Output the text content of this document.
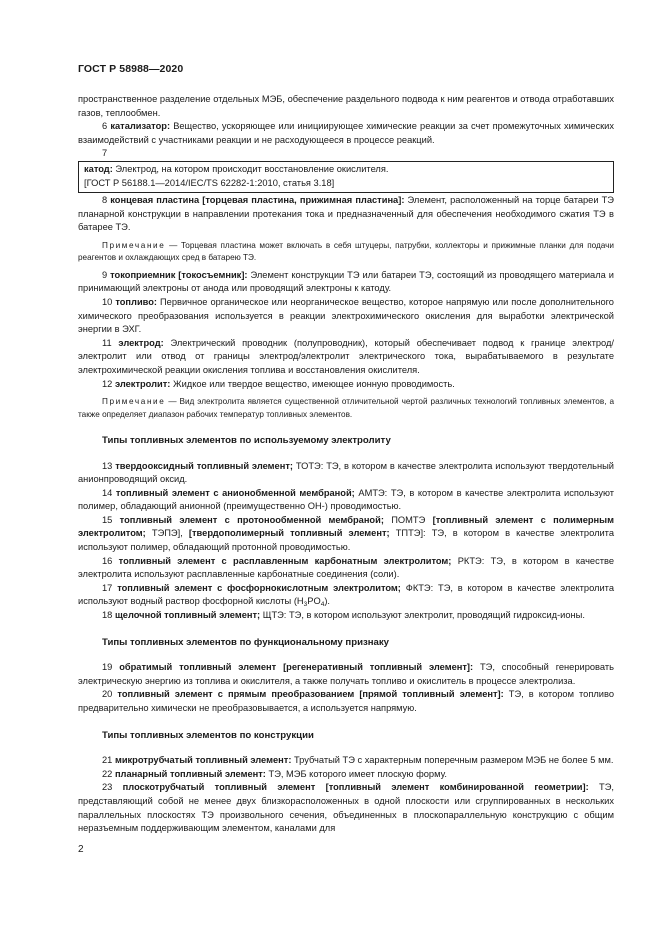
ГОСТ Р 58988—2020

пространственное разделение отдельных МЭБ, обеспечение раздельного подвода к ним реагентов и отвода отработавших газов, теплообмен.

6 катализатор: Вещество, ускоряющее или инициирующее химические реакции за счет промежуточных химических взаимодействий с участниками реакции и не расходующееся в процессе реакций.

7

катод: Электрод, на котором происходит восстановление окислителя.
[ГОСТ Р 56188.1—2014/IEC/TS 62282-1:2010, статья 3.18]

8 концевая пластина [торцевая пластина, прижимная пластина]: Элемент, расположенный на торце батареи ТЭ планарной конструкции в направлении протекания тока и предназначенный для обеспечения необходимого сжатия ТЭ в батарее ТЭ.

Примечание — Торцевая пластина может включать в себя штуцеры, патрубки, коллекторы и прижимные планки для подачи реагентов и охлаждающих сред в батарею ТЭ.

9 токоприемник [токосъемник]: Элемент конструкции ТЭ или батареи ТЭ, состоящий из проводящего материала и принимающий электроны от анода или проводящий электроны к катоду.

10 топливо: Первичное органическое или неорганическое вещество, которое напрямую или после дополнительного химического преобразования используется в реакции электрохимического окисления для выработки электрической энергии в ЭХГ.

11 электрод: Электрический проводник (полупроводник), который обеспечивает подвод к границе электрод/электролит или отвод от границы электрод/электролит электрического тока, вырабатываемого в результате электрохимической реакции окисления топлива и восстановления окислителя.

12 электролит: Жидкое или твердое вещество, имеющее ионную проводимость.

Примечание — Вид электролита является существенной отличительной чертой различных технологий топливных элементов, а также определяет диапазон рабочих температур топливных элементов.

Типы топливных элементов по используемому электролиту

13 твердооксидный топливный элемент; ТОТЭ: ТЭ, в котором в качестве электролита используют твердотельный анионпроводящий оксид.

14 топливный элемент с анионобменной мембраной; АМТЭ: ТЭ, в котором в качестве электролита используют полимер, обладающий анионной (преимущественно OH-) проводимостью.

15 топливный элемент с протонообменной мембраной; ПОМТЭ [топливный элемент с полимерным электролитом; ТЭПЭ], [твердополимерный топливный элемент; ТПТЭ]: ТЭ, в котором в качестве электролита используют полимер, обладающий протонной проводимостью.

16 топливный элемент с расплавленным карбонатным электролитом; РКТЭ: ТЭ, в котором в качестве электролита используют расплавленные карбонатные соединения (соли).

17 топливный элемент с фосфорнокислотным электролитом; ФКТЭ: ТЭ, в котором в качестве электролита используют водный раствор фосфорной кислоты $(H_3PO_4)$.

18 щелочной топливный элемент; ЩТЭ: ТЭ, в котором используют электролит, проводящий гидроксид-ионы.

Типы топливных элементов по функциональному признаку

19 обратимый топливный элемент [регенеративный топливный элемент]: ТЭ, способный генерировать электрическую энергию из топлива и окислителя, а также получать топливо и окислитель в процессе электролиза.

20 топливный элемент с прямым преобразованием [прямой топливный элемент]: ТЭ, в котором топливо предварительно химически не преобразовывается, а используется напрямую.

Типы топливных элементов по конструкции

21 микротрубчатый топливный элемент: Трубчатый ТЭ с характерным поперечным размером МЭБ не более 5 мм.

22 планарный топливный элемент: ТЭ, МЭБ которого имеет плоскую форму.

23 плоскотрубчатый топливный элемент [топливный элемент комбинированной геометрии]: ТЭ, представляющий собой не менее двух близкорасположенных в одной плоскости или сгруппированных в нескольких параллельных плоскостях ТЭ произвольного сечения, объединенных в плоскопараллельную конструкцию с общим неразъемным поддерживающим элементом, каналами для

2
